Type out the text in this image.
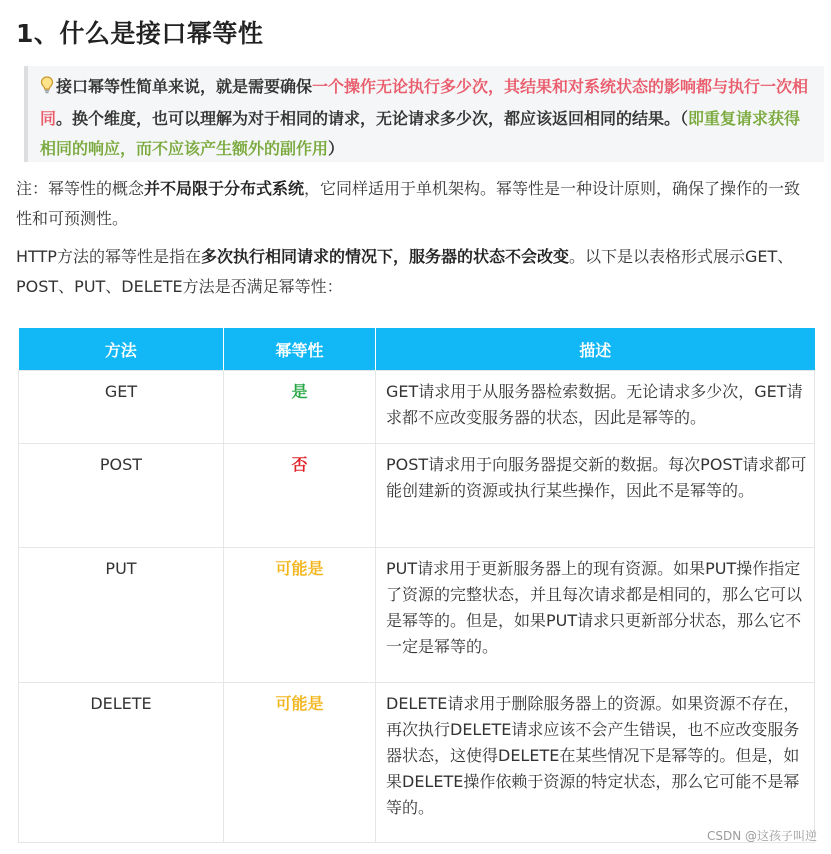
1、什么是接口幂等性
接口幂等性简单来说，就是需要确保一个操作无论执行多少次，其结果和对系统状态的影响都与执行一次相同。换个维度，也可以理解为对于相同的请求，无论请求多少次，都应该返回相同的结果。（即重复请求获得相同的响应，而不应该产生额外的副作用）

注：幂等性的概念并不局限于分布式系统，它同样适用于单机架构。幂等性是一种设计原则，确保了操作的一致性和可预测性。

HTTP方法的幂等性是指在多次执行相同请求的情况下，服务器的状态不会改变。以下是以表格形式展示GET、POST、PUT、DELETE方法是否满足幂等性：

方法	幂等性	描述
GET	是	GET请求用于从服务器检索数据。无论请求多少次，GET请求都不应改变服务器的状态，因此是幂等的。
POST	否	POST请求用于向服务器提交新的数据。每次POST请求都可能创建新的资源或执行某些操作，因此不是幂等的。
PUT	可能是	PUT请求用于更新服务器上的现有资源。如果PUT操作指定了资源的完整状态，并且每次请求都是相同的，那么它可以是幂等的。但是，如果PUT请求只更新部分状态，那么它不一定是幂等的。
DELETE	可能是	DELETE请求用于删除服务器上的资源。如果资源不存在，再次执行DELETE请求应该不会产生错误，也不应改变服务器状态，这使得DELETE在某些情况下是幂等的。但是，如果DELETE操作依赖于资源的特定状态，那么它可能不是幂等的。
CSDN @这孩子叫逆
